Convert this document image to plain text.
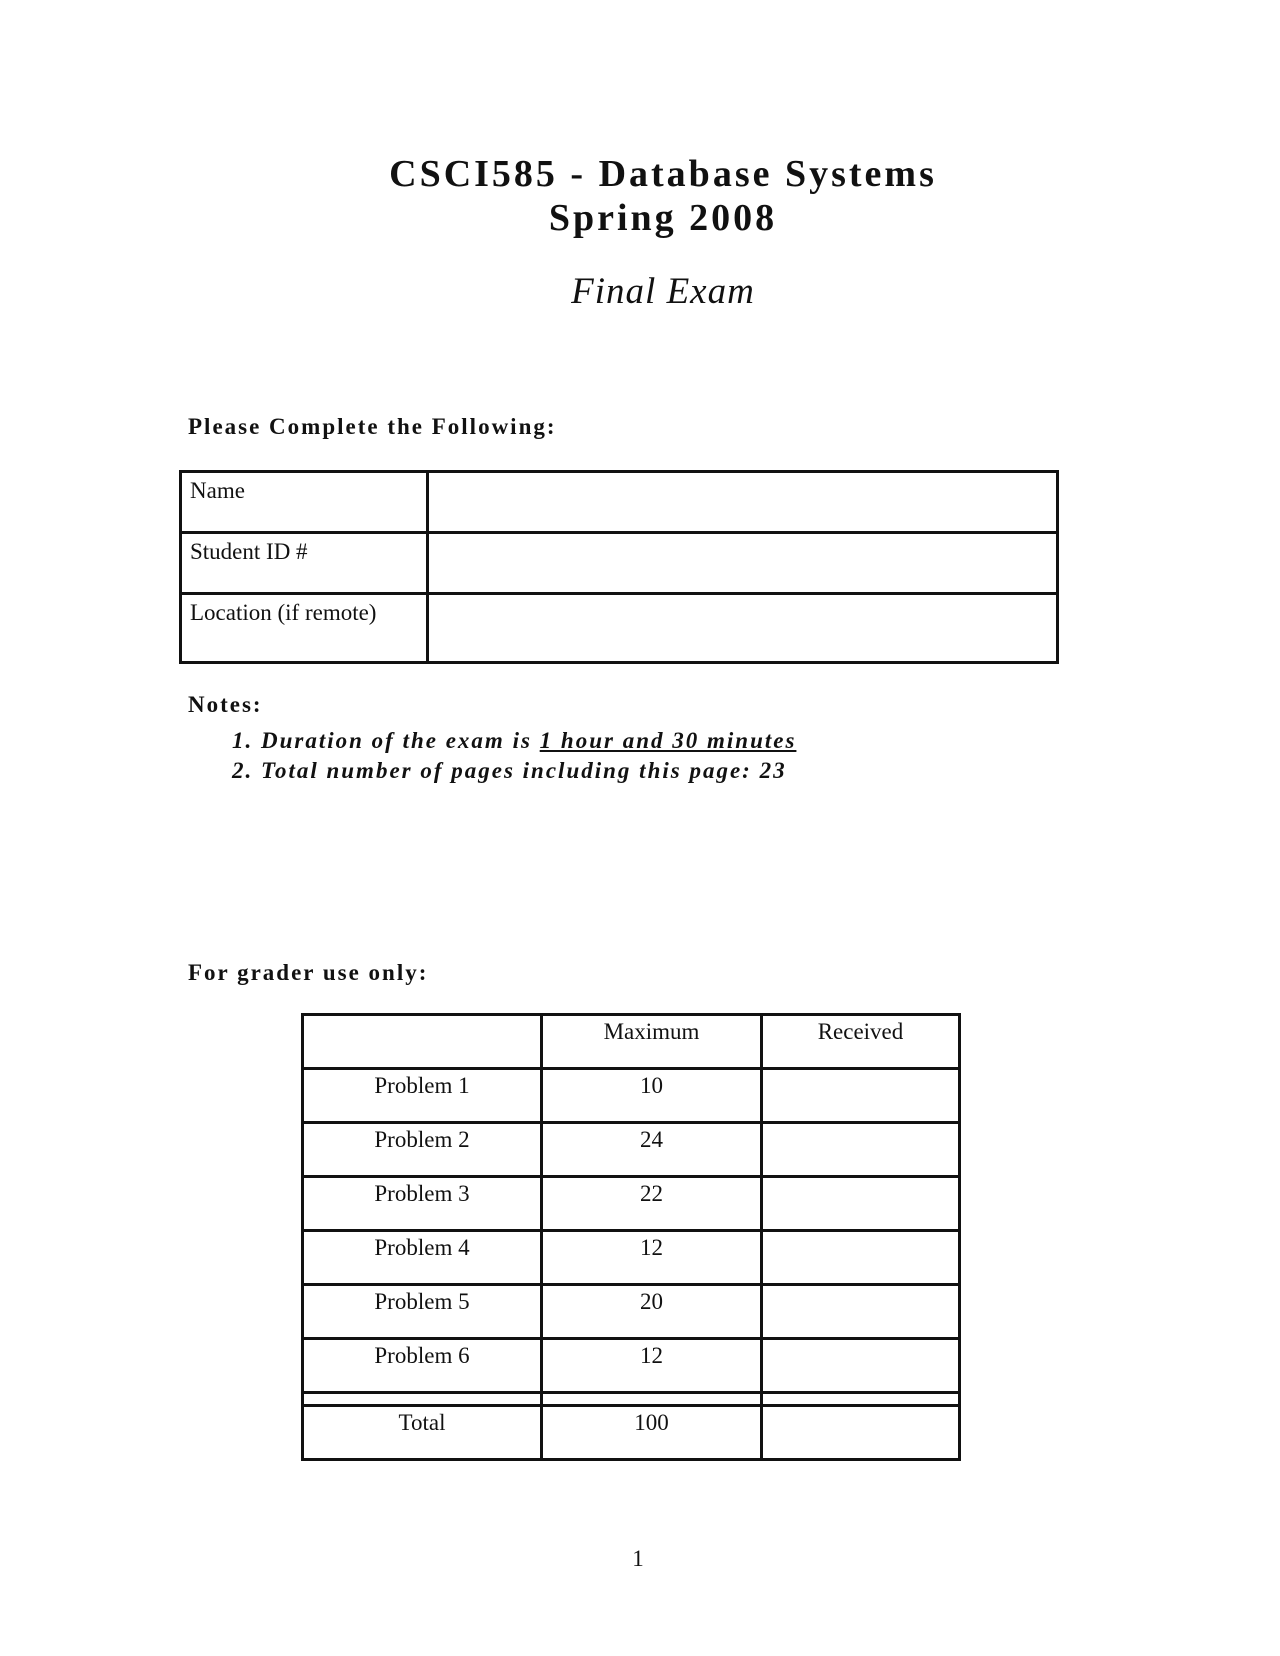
CSCI585 - Database Systems
Spring 2008
Final Exam
Please Complete the Following:
Name	
Student ID #	
Location (if remote)	
Notes:
1. Duration of the exam is 1 hour and 30 minutes
2. Total number of pages including this page: 23
For grader use only:
	Maximum	Received
Problem 1	10	
Problem 2	24	
Problem 3	22	
Problem 4	12	
Problem 5	20	
Problem 6	12	

Total	100	
1
